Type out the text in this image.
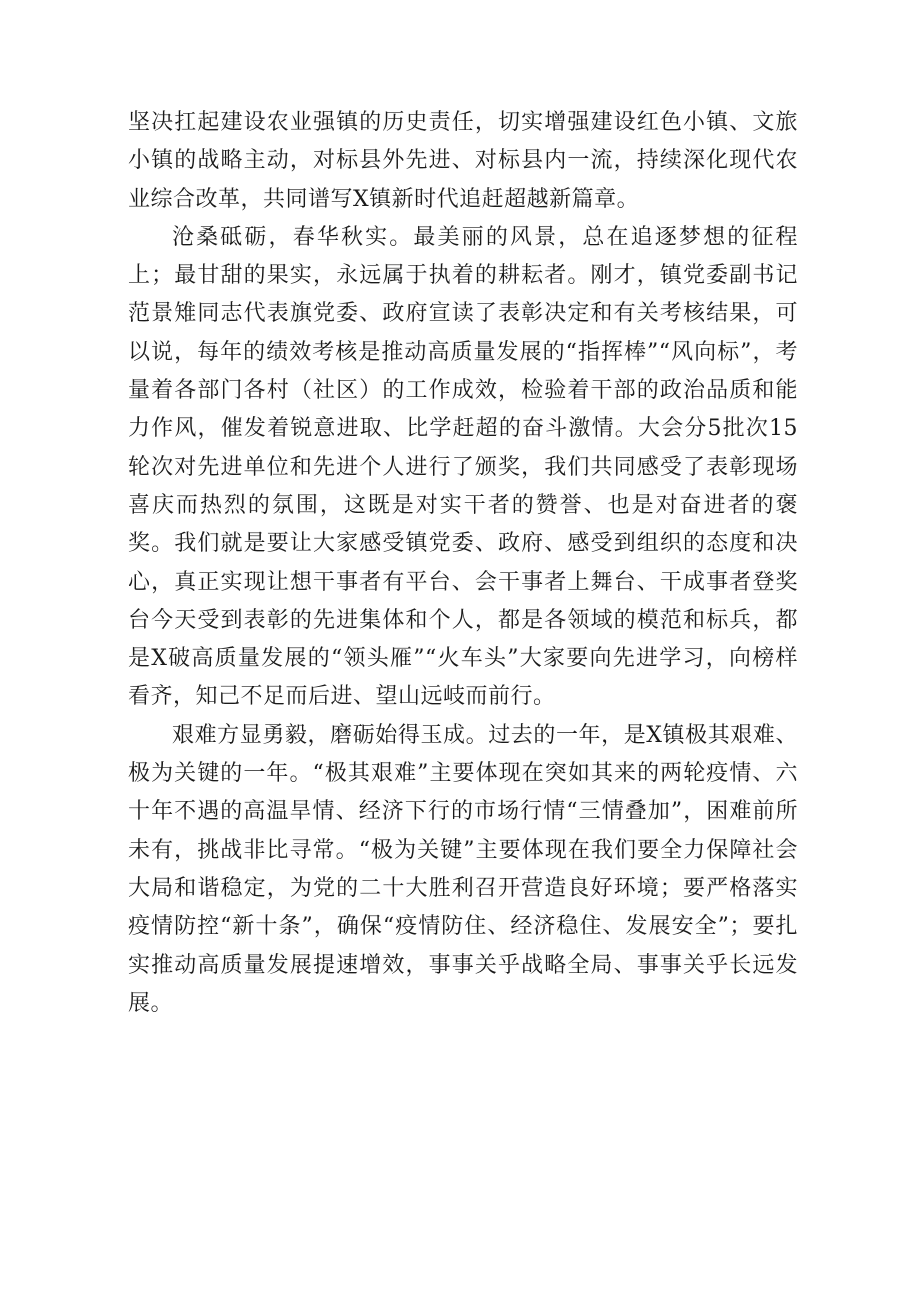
坚决扛起建设农业强镇的历史责任，切实增强建设红色小镇、文旅小镇的战略主动，对标县外先进、对标县内一流，持续深化现代农业综合改革，共同谱写X镇新时代追赶超越新篇章。

沧桑砥砺，春华秋实。最美丽的风景，总在追逐梦想的征程上；最甘甜的果实，永远属于执着的耕耘者。刚才，镇党委副书记范景雉同志代表旗党委、政府宣读了表彰决定和有关考核结果，可以说，每年的绩效考核是推动高质量发展的“指挥棒”“风向标”，考量着各部门各村（社区）的工作成效，检验着干部的政治品质和能力作风，催发着锐意进取、比学赶超的奋斗激情。大会分5批次15轮次对先进单位和先进个人进行了颁奖，我们共同感受了表彰现场喜庆而热烈的氛围，这既是对实干者的赞誉、也是对奋进者的褒奖。我们就是要让大家感受镇党委、政府、感受到组织的态度和决心，真正实现让想干事者有平台、会干事者上舞台、干成事者登奖台今天受到表彰的先进集体和个人，都是各领域的模范和标兵，都是X破高质量发展的“领头雁”“火车头”大家要向先进学习，向榜样看齐，知己不足而后进、望山远岐而前行。

艰难方显勇毅，磨砺始得玉成。过去的一年，是X镇极其艰难、极为关键的一年。“极其艰难”主要体现在突如其来的两轮疫情、六十年不遇的高温旱情、经济下行的市场行情“三情叠加”，困难前所未有，挑战非比寻常。“极为关键”主要体现在我们要全力保障社会大局和谐稳定，为党的二十大胜利召开营造良好环境；要严格落实疫情防控“新十条”，确保“疫情防住、经济稳住、发展安全”；要扎实推动高质量发展提速增效，事事关乎战略全局、事事关乎长远发展。
